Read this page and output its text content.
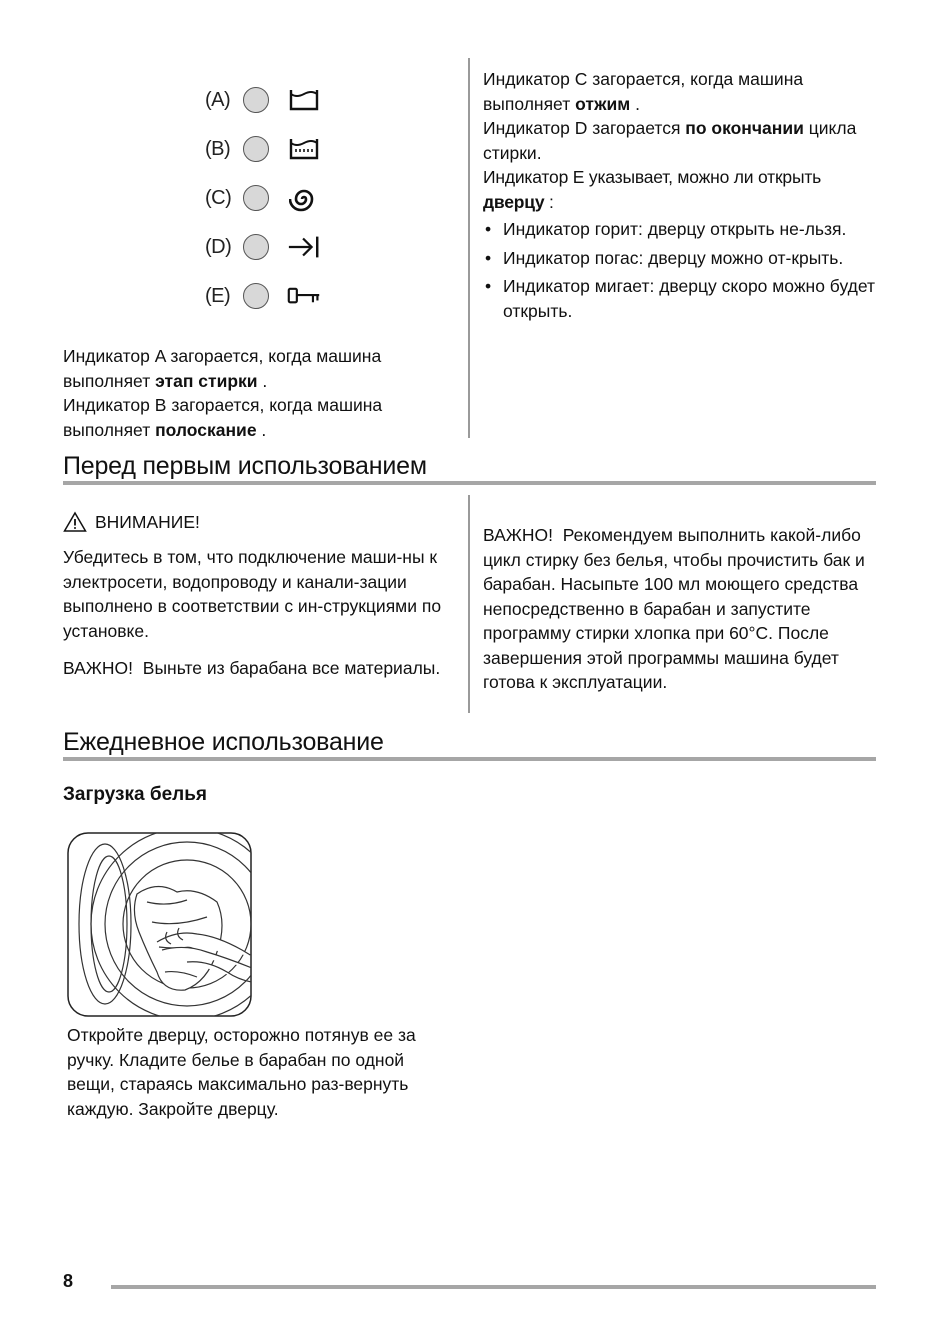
(A)
(B)
(C)
(D)
(E)
Индикатор A загорается, когда машина выполняет этап стирки .
Индикатор B загорается, когда машина выполняет полоскание .
Индикатор C загорается, когда машина выполняет отжим .
Индикатор D загорается по окончании цикла стирки.
Индикатор E указывает, можно ли открыть дверцу :
• Индикатор горит: дверцу открыть не-льзя.
• Индикатор погас: дверцу можно от-крыть.
• Индикатор мигает: дверцу скоро можно будет открыть.
Перед первым использованием
ВНИМАНИЕ!
Убедитесь в том, что подключение маши-ны к электросети, водопроводу и канали-зации выполнено в соответствии с ин-струкциями по установке.
ВАЖНО! Выньте из барабана все материалы.
ВАЖНО! Рекомендуем выполнить какой-либо цикл стирку без белья, чтобы прочистить бак и барабан. Насыпьте 100 мл моющего средства непосредственно в барабан и запустите программу стирки хлопка при 60°C. После завершения этой программы машина будет готова к эксплуатации.
Ежедневное использование
Загрузка белья
Откройте дверцу, осторожно потянув ее за ручку. Кладите белье в барабан по одной вещи, стараясь максимально раз-вернуть каждую. Закройте дверцу.
8
